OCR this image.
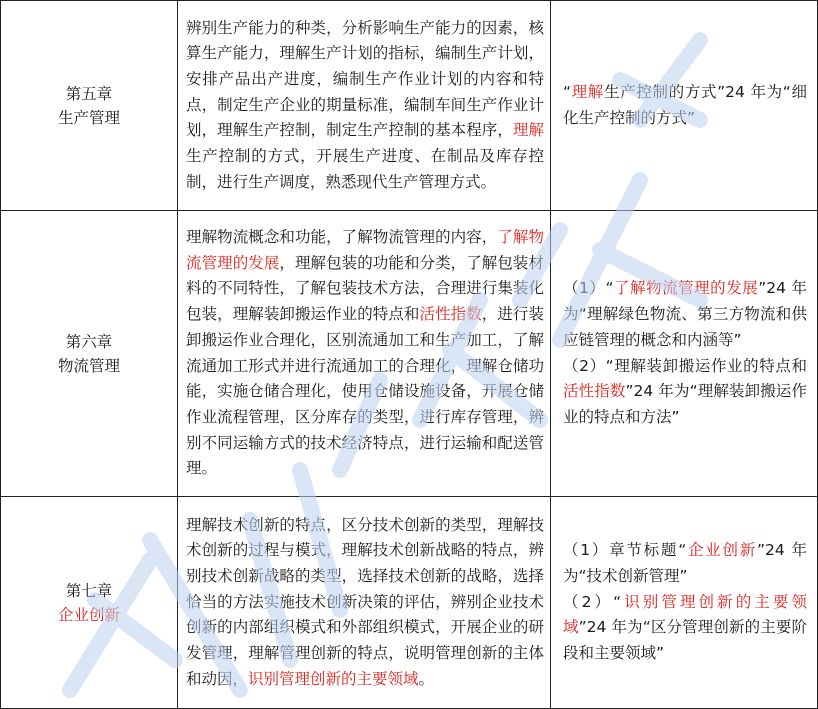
第五章
生产管理	辨别生产能力的种类，分析影响生产能力的因素，核算生产能力，理解生产计划的指标，编制生产计划，安排产品出产进度，编制生产作业计划的内容和特点，制定生产企业的期量标准，编制车间生产作业计划，理解生产控制，制定生产控制的基本程序，理解生产控制的方式，开展生产进度、在制品及库存控制，进行生产调度，熟悉现代生产管理方式。	“理解生产控制的方式”24 年为“细化生产控制的方式”

第六章
物流管理	理解物流概念和功能，了解物流管理的内容，了解物流管理的发展，理解包装的功能和分类，了解包装材料的不同特性，了解包装技术方法，合理进行集装化包装，理解装卸搬运作业的特点和活性指数，进行装卸搬运作业合理化，区别流通加工和生产加工，了解流通加工形式并进行流通加工的合理化，理解仓储功能，实施仓储合理化，使用仓储设施设备，开展仓储作业流程管理，区分库存的类型，进行库存管理，辨别不同运输方式的技术经济特点，进行运输和配送管理。	（1）“了解物流管理的发展”24 年为“理解绿色物流、第三方物流和供应链管理的概念和内涵等”
（2）“理解装卸搬运作业的特点和活性指数”24 年为“理解装卸搬运作业的特点和方法”

第七章
企业创新	理解技术创新的特点，区分技术创新的类型，理解技术创新的过程与模式，理解技术创新战略的特点，辨别技术创新战略的类型，选择技术创新的战略，选择恰当的方法实施技术创新决策的评估，辨别企业技术创新的内部组织模式和外部组织模式，开展企业的研发管理，理解管理创新的特点，说明管理创新的主体和动因，识别管理创新的主要领域。	（1）章节标题“企业创新”24 年为“技术创新管理”
（2）“识别管理创新的主要领域”24 年为“区分管理创新的主要阶段和主要领域”
